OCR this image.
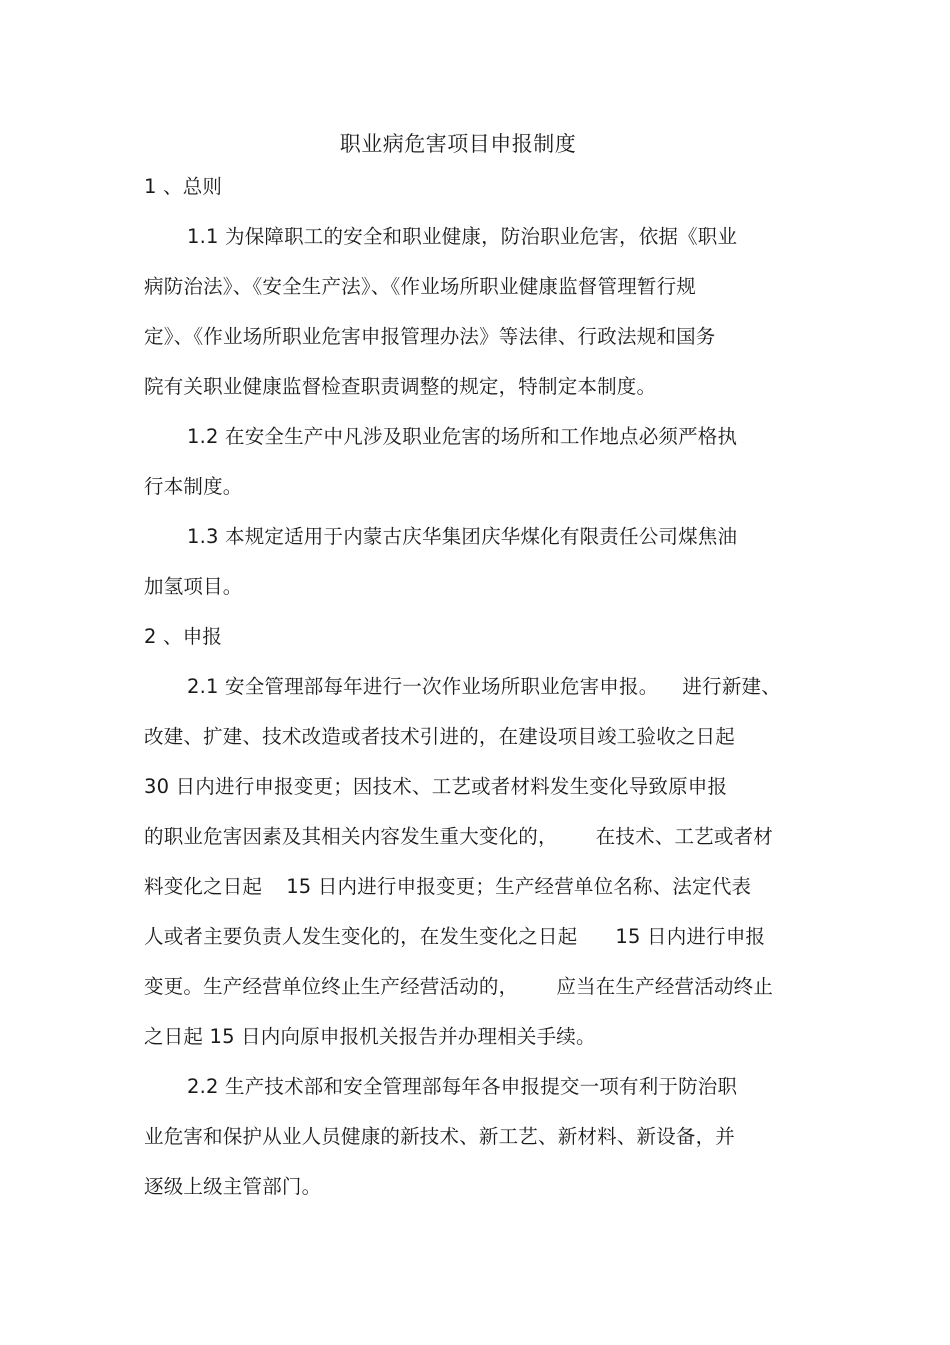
职业病危害项目申报制度

1 、总则

1.1 为保障职工的安全和职业健康，防治职业危害，依据《职业

病防治法》、《安全生产法》、《作业场所职业健康监督管理暂行规

定》、《作业场所职业危害申报管理办法》等法律、行政法规和国务

院有关职业健康监督检查职责调整的规定，特制定本制度。

1.2 在安全生产中凡涉及职业危害的场所和工作地点必须严格执

行本制度。

1.3 本规定适用于内蒙古庆华集团庆华煤化有限责任公司煤焦油

加氢项目。

2 、申报

2.1 安全管理部每年进行一次作业场所职业危害申报。 进行新建、

改建、扩建、技术改造或者技术引进的，在建设项目竣工验收之日起

30 日内进行申报变更；因技术、工艺或者材料发生变化导致原申报

的职业危害因素及其相关内容发生重大变化的， 在技术、工艺或者材

料变化之日起 15 日内进行申报变更；生产经营单位名称、法定代表

人或者主要负责人发生变化的，在发生变化之日起 15 日内进行申报

变更。生产经营单位终止生产经营活动的， 应当在生产经营活动终止

之日起 15 日内向原申报机关报告并办理相关手续。

2.2 生产技术部和安全管理部每年各申报提交一项有利于防治职

业危害和保护从业人员健康的新技术、新工艺、新材料、新设备，并

逐级上级主管部门。
